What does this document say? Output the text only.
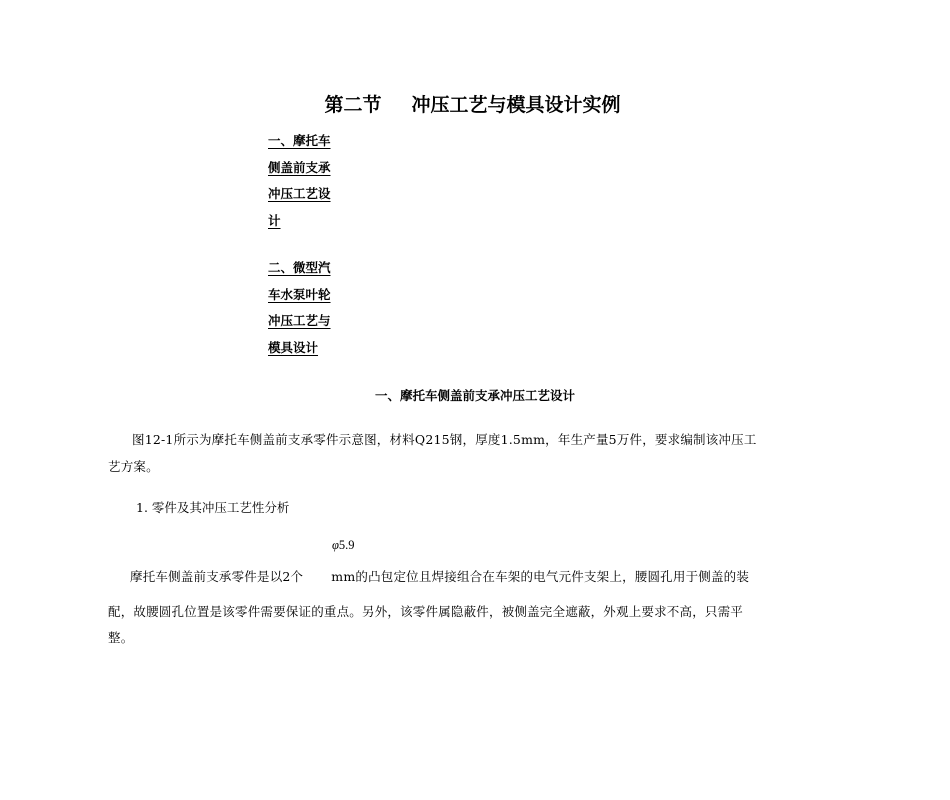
第二节 冲压工艺与模具设计实例
一、摩托车
侧盖前支承
冲压工艺设
计
二、微型汽
车水泵叶轮
冲压工艺与
模具设计
一、摩托车侧盖前支承冲压工艺设计

图12-1所示为摩托车侧盖前支承零件示意图，材料Q215钢，厚度1.5mm，年生产量5万件，要求编制该冲压工

艺方案。

1. 零件及其冲压工艺性分析

φ5.9

摩托车侧盖前支承零件是以2个 mm的凸包定位且焊接组合在车架的电气元件支架上，腰圆孔用于侧盖的装

配，故腰圆孔位置是该零件需要保证的重点。另外，该零件属隐蔽件，被侧盖完全遮蔽，外观上要求不高，只需平

整。
